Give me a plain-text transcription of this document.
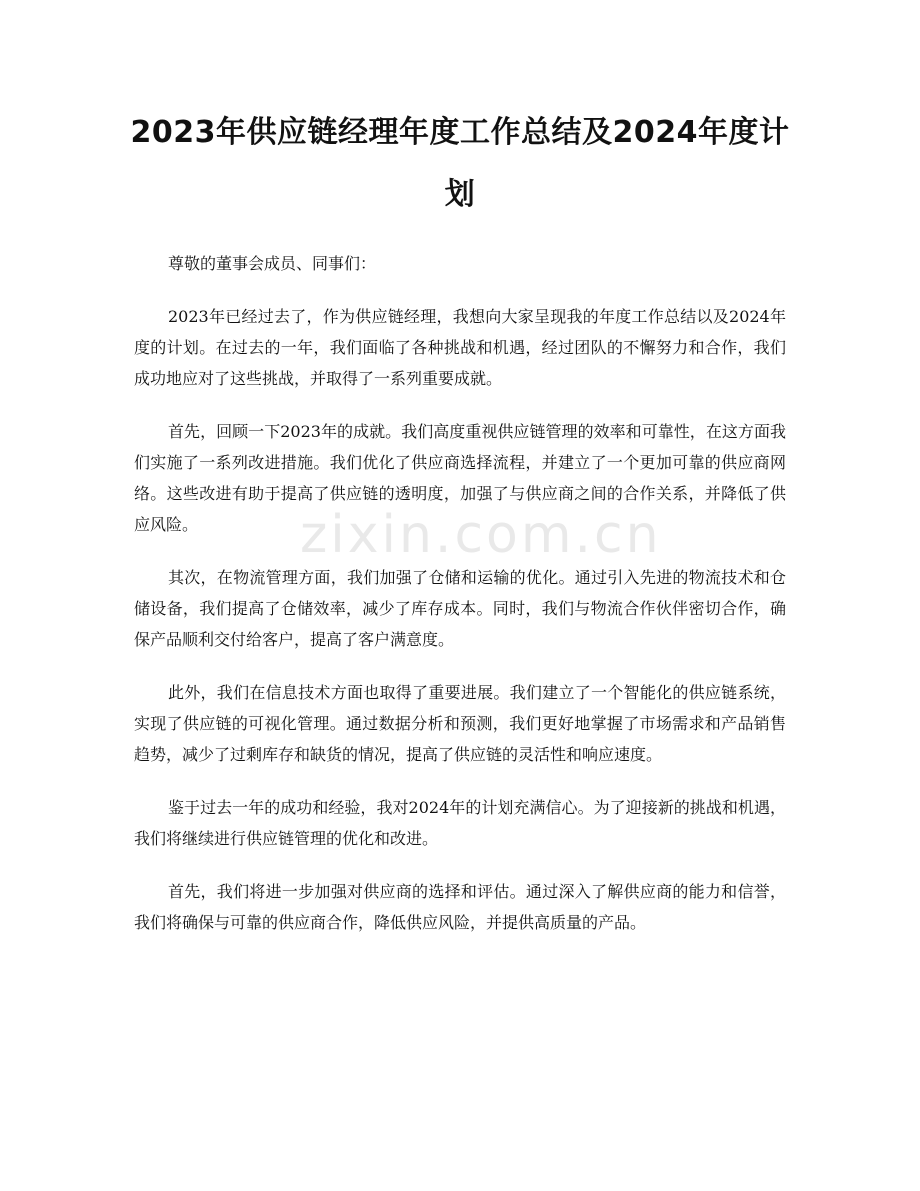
zixin.com.cn
2023年供应链经理年度工作总结及2024年度计划

尊敬的董事会成员、同事们：

2023年已经过去了，作为供应链经理，我想向大家呈现我的年度工作总结以及2024年度的计划。在过去的一年，我们面临了各种挑战和机遇，经过团队的不懈努力和合作，我们成功地应对了这些挑战，并取得了一系列重要成就。

首先，回顾一下2023年的成就。我们高度重视供应链管理的效率和可靠性，在这方面我们实施了一系列改进措施。我们优化了供应商选择流程，并建立了一个更加可靠的供应商网络。这些改进有助于提高了供应链的透明度，加强了与供应商之间的合作关系，并降低了供应风险。

其次，在物流管理方面，我们加强了仓储和运输的优化。通过引入先进的物流技术和仓储设备，我们提高了仓储效率，减少了库存成本。同时，我们与物流合作伙伴密切合作，确保产品顺利交付给客户，提高了客户满意度。

此外，我们在信息技术方面也取得了重要进展。我们建立了一个智能化的供应链系统，实现了供应链的可视化管理。通过数据分析和预测，我们更好地掌握了市场需求和产品销售趋势，减少了过剩库存和缺货的情况，提高了供应链的灵活性和响应速度。

鉴于过去一年的成功和经验，我对2024年的计划充满信心。为了迎接新的挑战和机遇，我们将继续进行供应链管理的优化和改进。

首先，我们将进一步加强对供应商的选择和评估。通过深入了解供应商的能力和信誉，我们将确保与可靠的供应商合作，降低供应风险，并提供高质量的产品。
